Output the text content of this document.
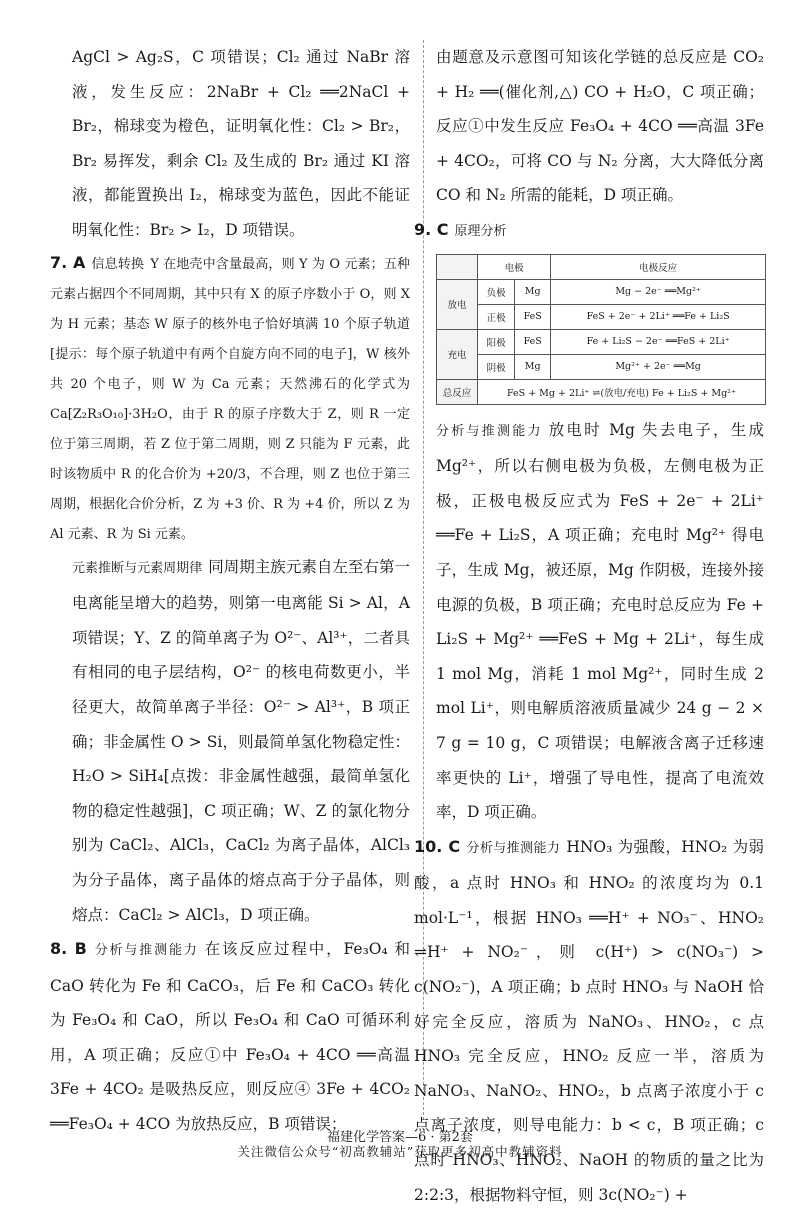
AgCl > Ag₂S，C 项错误；Cl₂ 通过 NaBr 溶液，发生反应：2NaBr + Cl₂ ══2NaCl + Br₂，棉球变为橙色，证明氧化性：Cl₂ > Br₂，Br₂ 易挥发，剩余 Cl₂ 及生成的 Br₂ 通过 KI 溶液，都能置换出 I₂，棉球变为蓝色，因此不能证明氧化性：Br₂ > I₂，D 项错误。

7. A 信息转换 Y 在地壳中含量最高，则 Y 为 O 元素；五种元素占据四个不同周期，其中只有 X 的原子序数小于 O，则 X 为 H 元素；基态 W 原子的核外电子恰好填满 10 个原子轨道[提示：每个原子轨道中有两个自旋方向不同的电子]，W 核外共 20 个电子，则 W 为 Ca 元素；天然沸石的化学式为 Ca[Z₂R₃O₁₀]·3H₂O，由于 R 的原子序数大于 Z，则 R 一定位于第三周期，若 Z 位于第二周期，则 Z 只能为 F 元素，此时该物质中 R 的化合价为 +20/3，不合理，则 Z 也位于第三周期，根据化合价分析，Z 为 +3 价、R 为 +4 价，所以 Z 为 Al 元素、R 为 Si 元素。

元素推断与元素周期律 同周期主族元素自左至右第一电离能呈增大的趋势，则第一电离能 Si > Al，A 项错误；Y、Z 的简单离子为 O²⁻、Al³⁺，二者具有相同的电子层结构，O²⁻ 的核电荷数更小，半径更大，故简单离子半径：O²⁻ > Al³⁺，B 项正确；非金属性 O > Si，则最简单氢化物稳定性：H₂O > SiH₄[点拨：非金属性越强，最简单氢化物的稳定性越强]，C 项正确；W、Z 的氯化物分别为 CaCl₂、AlCl₃，CaCl₂ 为离子晶体，AlCl₃ 为分子晶体，离子晶体的熔点高于分子晶体，则熔点：CaCl₂ > AlCl₃，D 项正确。

8. B 分析与推测能力 在该反应过程中，Fe₃O₄ 和 CaO 转化为 Fe 和 CaCO₃，后 Fe 和 CaCO₃ 转化为 Fe₃O₄ 和 CaO，所以 Fe₃O₄ 和 CaO 可循环利用，A 项正确；反应①中 Fe₃O₄ + 4CO ══高温 3Fe + 4CO₂ 是吸热反应，则反应④ 3Fe + 4CO₂ ══Fe₃O₄ + 4CO 为放热反应，B 项错误；

由题意及示意图可知该化学链的总反应是 CO₂ + H₂ ══(催化剂,△) CO + H₂O，C 项正确；反应①中发生反应 Fe₃O₄ + 4CO ══高温 3Fe + 4CO₂，可将 CO 与 N₂ 分离，大大降低分离 CO 和 N₂ 所需的能耗，D 项正确。

9. C 原理分析

	电极		电极反应
放电	负极	Mg	Mg − 2e⁻ ══Mg²⁺
	正极	FeS	FeS + 2e⁻ + 2Li⁺ ══Fe + Li₂S
充电	阳极	FeS	Fe + Li₂S − 2e⁻ ══FeS + 2Li⁺
	阴极	Mg	Mg²⁺ + 2e⁻ ══Mg
总反应	FeS + Mg + 2Li⁺ ⇌(放电/充电) Fe + Li₂S + Mg²⁺		

分析与推测能力 放电时 Mg 失去电子，生成 Mg²⁺，所以右侧电极为负极，左侧电极为正极，正极电极反应式为 FeS + 2e⁻ + 2Li⁺ ══Fe + Li₂S，A 项正确；充电时 Mg²⁺ 得电子，生成 Mg，被还原，Mg 作阴极，连接外接电源的负极，B 项正确；充电时总反应为 Fe + Li₂S + Mg²⁺ ══FeS + Mg + 2Li⁺，每生成 1 mol Mg，消耗 1 mol Mg²⁺，同时生成 2 mol Li⁺，则电解质溶液质量减少 24 g − 2 × 7 g = 10 g，C 项错误；电解液含离子迁移速率更快的 Li⁺，增强了导电性，提高了电流效率，D 项正确。

10. C 分析与推测能力 HNO₃ 为强酸，HNO₂ 为弱酸，a 点时 HNO₃ 和 HNO₂ 的浓度均为 0.1 mol·L⁻¹，根据 HNO₃ ══H⁺ + NO₃⁻、HNO₂ ⇌H⁺ + NO₂⁻，则 c(H⁺) > c(NO₃⁻) > c(NO₂⁻)，A 项正确；b 点时 HNO₃ 与 NaOH 恰好完全反应，溶质为 NaNO₃、HNO₂，c 点 HNO₃ 完全反应，HNO₂ 反应一半，溶质为 NaNO₃、NaNO₂、HNO₂，b 点离子浓度小于 c 点离子浓度，则导电能力：b < c，B 项正确；c 点时 HNO₃、HNO₂、NaOH 的物质的量之比为 2:2:3，根据物料守恒，则 3c(NO₂⁻) +

福建化学答案—6 · 第2套
关注微信公众号“初高教辅站”获取更多初高中教辅资料
